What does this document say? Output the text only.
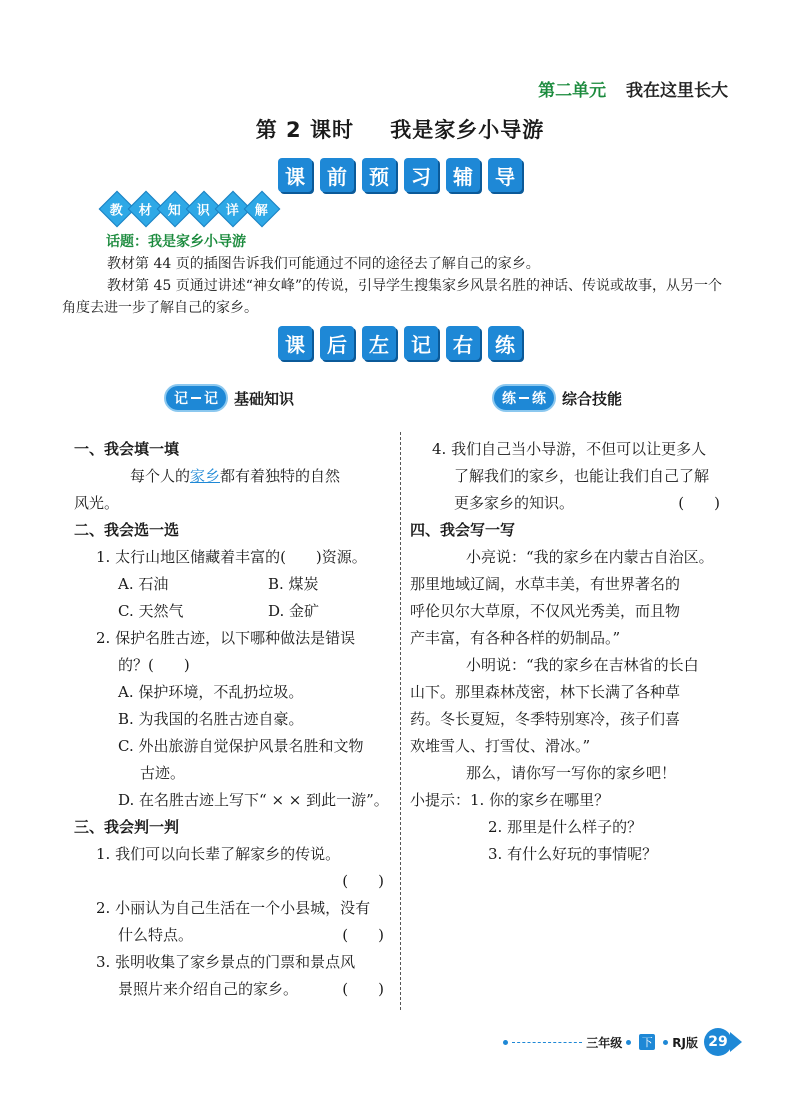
第二单元 我在这里长大
第 2 课时 我是家乡小导游
课	前	预	习	辅	导
教 材 知 识 详 解
话题：我是家乡小导游
教材第 44 页的插图告诉我们可能通过不同的途径去了解自己的家乡。
教材第 45 页通过讲述“神女峰”的传说，引导学生搜集家乡风景名胜的神话、传说或故事，从另一个角度去进一步了解自己的家乡。
课	后	左	记	右	练
记 记 基础知识	练 练 综合技能
一、我会填一填
每个人的家乡都有着独特的自然
风光。
二、我会选一选
1. 太行山地区储藏着丰富的(　　)资源。
A. 石油	B. 煤炭
C. 天然气	D. 金矿
2. 保护名胜古迹，以下哪种做法是错误
的？(　　)
A. 保护环境，不乱扔垃圾。
B. 为我国的名胜古迹自豪。
C. 外出旅游自觉保护风景名胜和文物
古迹。
D. 在名胜古迹上写下“ × × 到此一游”。
三、我会判一判
1. 我们可以向长辈了解家乡的传说。
(　　)
2. 小丽认为自己生活在一个小县城，没有
什么特点。	(　　)
3. 张明收集了家乡景点的门票和景点风
景照片来介绍自己的家乡。	(　　)
4. 我们自己当小导游，不但可以让更多人
了解我们的家乡，也能让我们自己了解
更多家乡的知识。	(　　)
四、我会写一写
小亮说：“我的家乡在内蒙古自治区。
那里地域辽阔，水草丰美，有世界著名的
呼伦贝尔大草原，不仅风光秀美，而且物
产丰富，有各种各样的奶制品。”
小明说：“我的家乡在吉林省的长白
山下。那里森林茂密，林下长满了各种草
药。冬长夏短，冬季特别寒冷，孩子们喜
欢堆雪人、打雪仗、滑冰。”
那么，请你写一写你的家乡吧！
小提示：1. 你的家乡在哪里？
2. 那里是什么样子的？
3. 有什么好玩的事情呢？
三年级 下 RJ版 29
